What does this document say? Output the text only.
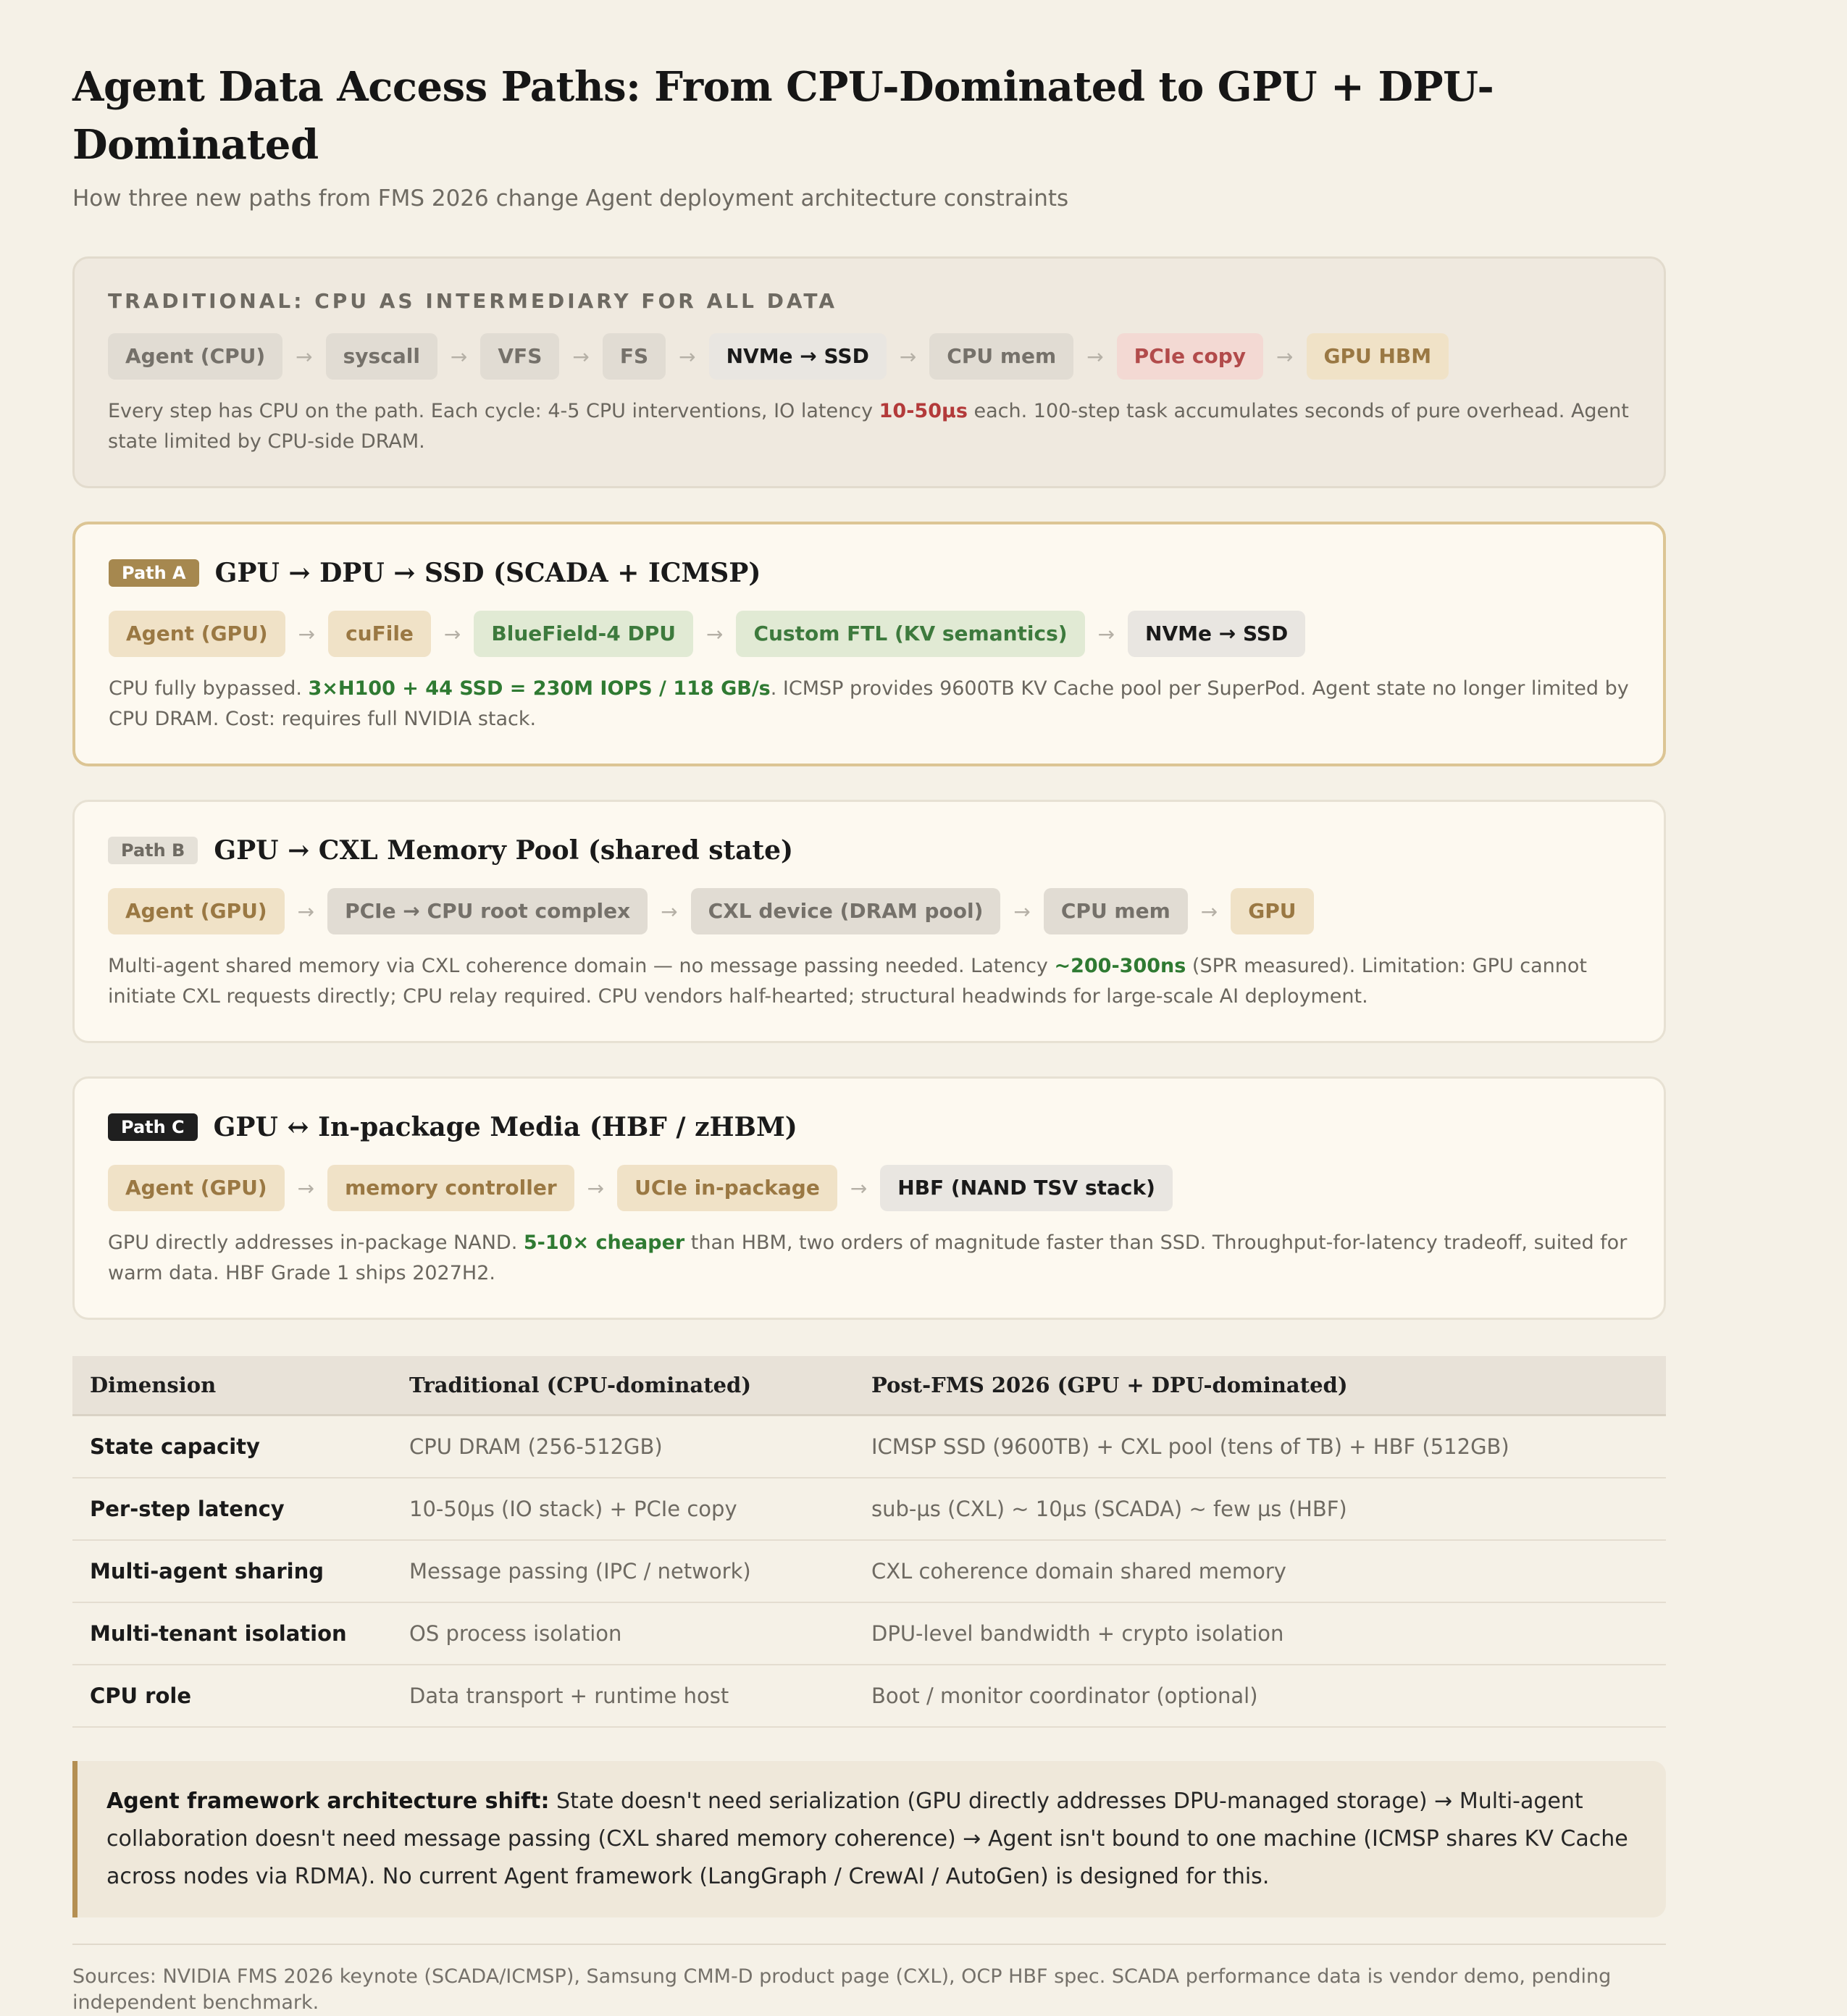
Agent Data Access Paths: From CPU-Dominated to GPU + DPU-Dominated
How three new paths from FMS 2026 change Agent deployment architecture constraints
TRADITIONAL: CPU AS INTERMEDIARY FOR ALL DATA
Agent (CPU)	→	syscall	→	VFS	→	FS	→	NVMe → SSD	→	CPU mem	→	PCIe copy	→	GPU HBM
Every step has CPU on the path. Each cycle: 4-5 CPU interventions, IO latency 10-50µs each. 100-step task accumulates seconds of pure overhead. Agent state limited by CPU-side DRAM.
Path A	GPU → DPU → SSD (SCADA + ICMSP)
Agent (GPU)	→	cuFile	→	BlueField-4 DPU	→	Custom FTL (KV semantics)	→	NVMe → SSD
CPU fully bypassed. 3×H100 + 44 SSD = 230M IOPS / 118 GB/s. ICMSP provides 9600TB KV Cache pool per SuperPod. Agent state no longer limited by CPU DRAM. Cost: requires full NVIDIA stack.
Path B	GPU → CXL Memory Pool (shared state)
Agent (GPU)	→	PCIe → CPU root complex	→	CXL device (DRAM pool)	→	CPU mem	→	GPU
Multi-agent shared memory via CXL coherence domain — no message passing needed. Latency ~200-300ns (SPR measured). Limitation: GPU cannot initiate CXL requests directly; CPU relay required. CPU vendors half-hearted; structural headwinds for large-scale AI deployment.
Path C	GPU ↔ In-package Media (HBF / zHBM)
Agent (GPU)	→	memory controller	→	UCIe in-package	→	HBF (NAND TSV stack)
GPU directly addresses in-package NAND. 5-10× cheaper than HBM, two orders of magnitude faster than SSD. Throughput-for-latency tradeoff, suited for warm data. HBF Grade 1 ships 2027H2.
Dimension	Traditional (CPU-dominated)	Post-FMS 2026 (GPU + DPU-dominated)
State capacity	CPU DRAM (256-512GB)	ICMSP SSD (9600TB) + CXL pool (tens of TB) + HBF (512GB)
Per-step latency	10-50µs (IO stack) + PCIe copy	sub-µs (CXL) ~ 10µs (SCADA) ~ few µs (HBF)
Multi-agent sharing	Message passing (IPC / network)	CXL coherence domain shared memory
Multi-tenant isolation	OS process isolation	DPU-level bandwidth + crypto isolation
CPU role	Data transport + runtime host	Boot / monitor coordinator (optional)
Agent framework architecture shift: State doesn't need serialization (GPU directly addresses DPU-managed storage) → Multi-agent collaboration doesn't need message passing (CXL shared memory coherence) → Agent isn't bound to one machine (ICMSP shares KV Cache across nodes via RDMA). No current Agent framework (LangGraph / CrewAI / AutoGen) is designed for this.
Sources: NVIDIA FMS 2026 keynote (SCADA/ICMSP), Samsung CMM-D product page (CXL), OCP HBF spec. SCADA performance data is vendor demo, pending independent benchmark.
